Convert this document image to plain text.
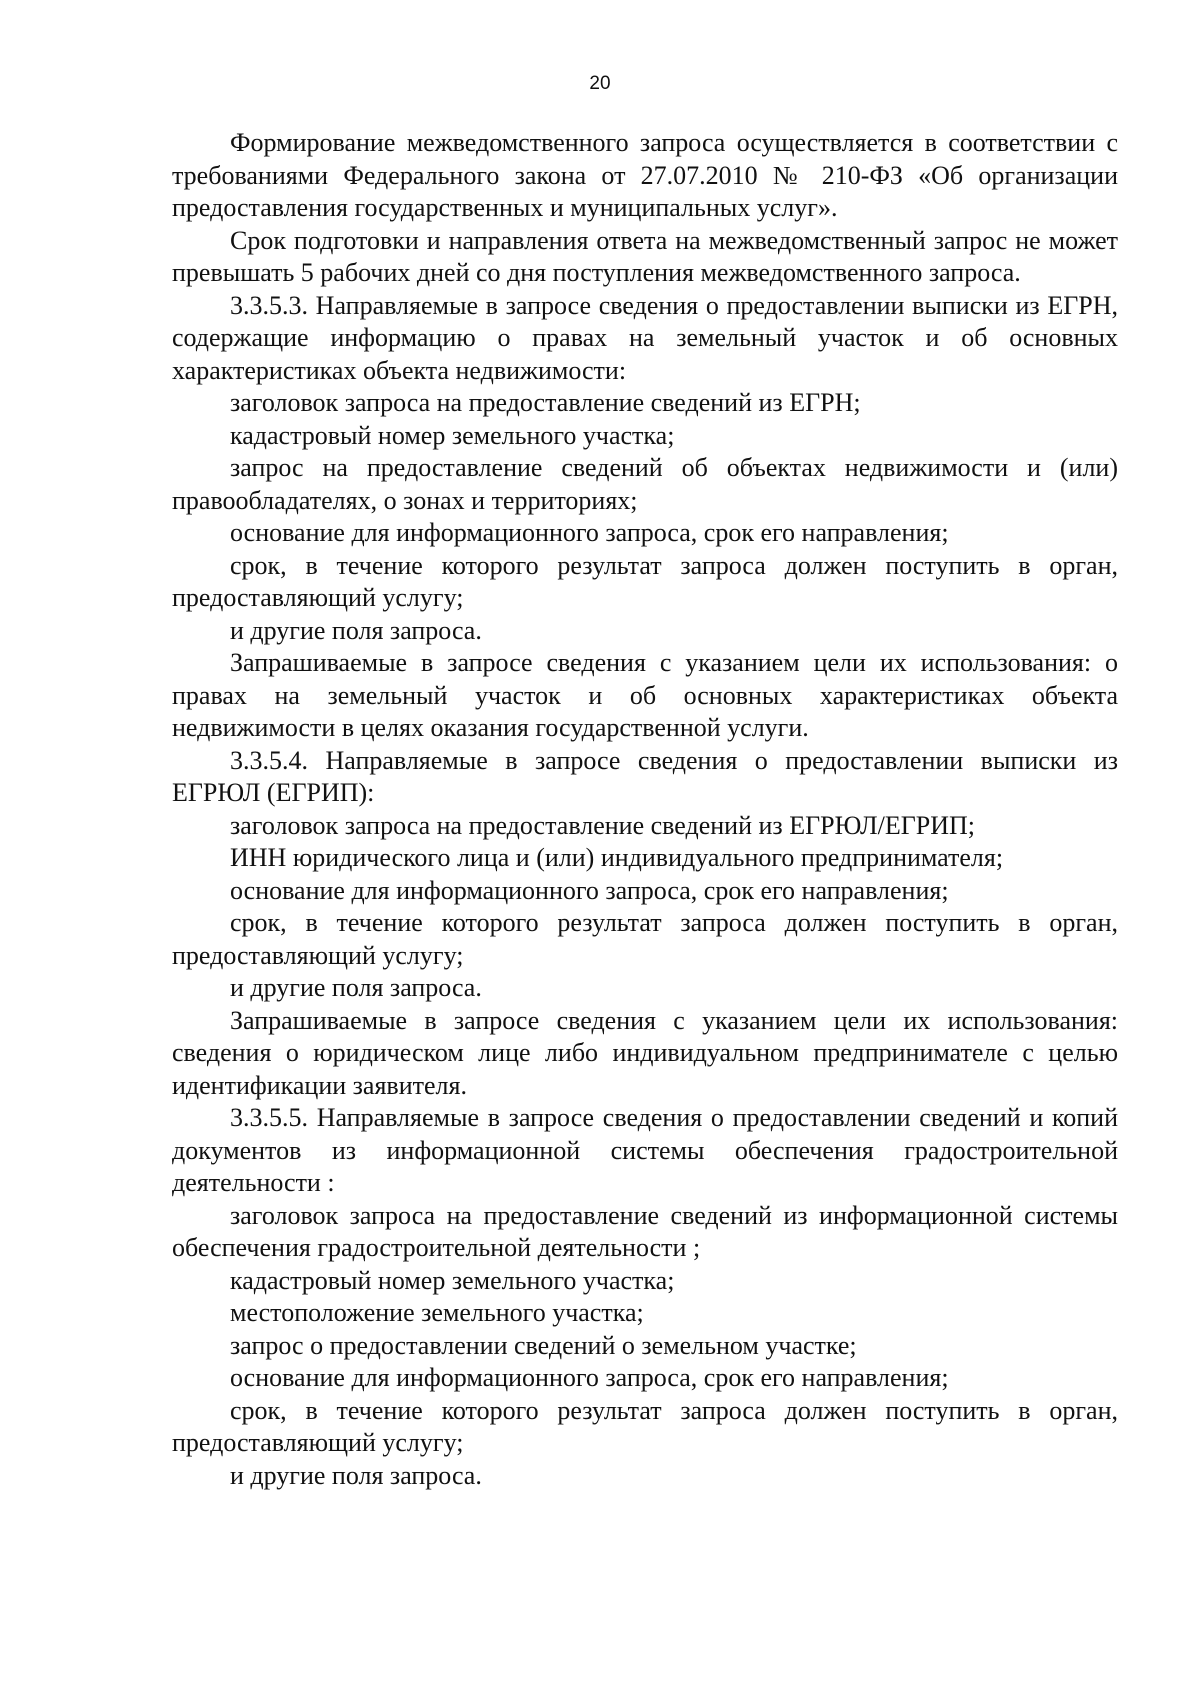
20

Формирование межведомственного запроса осуществляется в соответствии с требованиями Федерального закона от 27.07.2010 № 210-ФЗ «Об организации предоставления государственных и муниципальных услуг».

Срок подготовки и направления ответа на межведомственный запрос не может превышать 5 рабочих дней со дня поступления межведомственного запроса.

3.3.5.3. Направляемые в запросе сведения о предоставлении выписки из ЕГРН, содержащие информацию о правах на земельный участок и об основных характеристиках объекта недвижимости:

заголовок запроса на предоставление сведений из ЕГРН;

кадастровый номер земельного участка;

запрос на предоставление сведений об объектах недвижимости и (или) правообладателях, о зонах и территориях;

основание для информационного запроса, срок его направления;

срок, в течение которого результат запроса должен поступить в орган, предоставляющий услугу;

и другие поля запроса.

Запрашиваемые в запросе сведения с указанием цели их использования: о правах на земельный участок и об основных характеристиках объекта недвижимости в целях оказания государственной услуги.

3.3.5.4. Направляемые в запросе сведения о предоставлении выписки из ЕГРЮЛ (ЕГРИП):

заголовок запроса на предоставление сведений из ЕГРЮЛ/ЕГРИП;

ИНН юридического лица и (или) индивидуального предпринимателя;

основание для информационного запроса, срок его направления;

срок, в течение которого результат запроса должен поступить в орган, предоставляющий услугу;

и другие поля запроса.

Запрашиваемые в запросе сведения с указанием цели их использования: сведения о юридическом лице либо индивидуальном предпринимателе с целью идентификации заявителя.

3.3.5.5. Направляемые в запросе сведения о предоставлении сведений и копий документов из информационной системы обеспечения градостроительной деятельности :

заголовок запроса на предоставление сведений из информационной системы обеспечения градостроительной деятельности ;

кадастровый номер земельного участка;

местоположение земельного участка;

запрос о предоставлении сведений о земельном участке;

основание для информационного запроса, срок его направления;

срок, в течение которого результат запроса должен поступить в орган, предоставляющий услугу;

и другие поля запроса.
